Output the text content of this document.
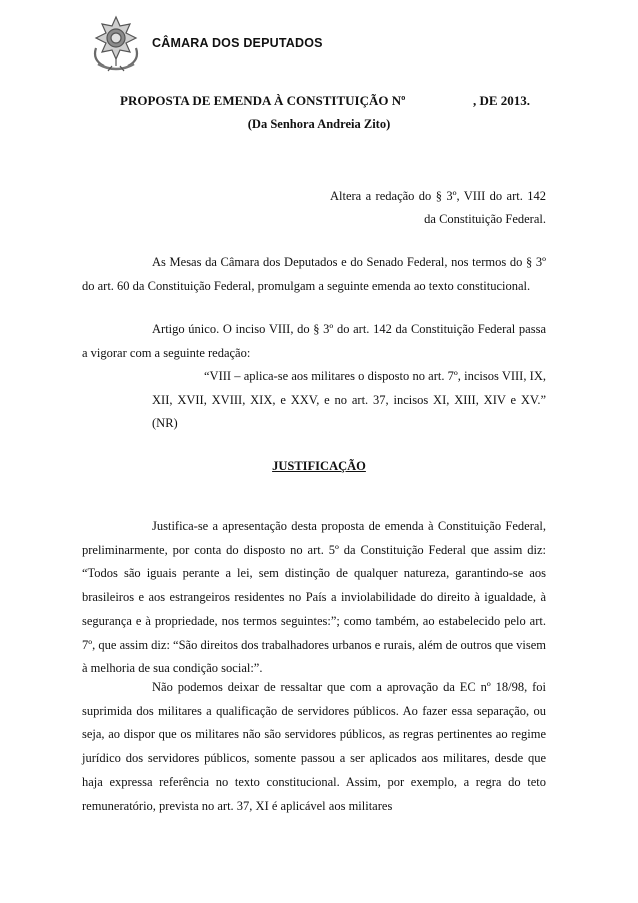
CÂMARA DOS DEPUTADOS
PROPOSTA DE EMENDA À CONSTITUIÇÃO Nº	, DE 2013.
(Da Senhora Andreia Zito)
Altera a redação do § 3º, VIII do art. 142 da Constituição Federal.
As Mesas da Câmara dos Deputados e do Senado Federal, nos termos do § 3º do art. 60 da Constituição Federal, promulgam a seguinte emenda ao texto constitucional.
Artigo único. O inciso VIII, do § 3º do art. 142 da Constituição Federal passa a vigorar com a seguinte redação:
“VIII – aplica-se aos militares o disposto no art. 7º, incisos VIII, IX, XII, XVII, XVIII, XIX, e XXV, e no art. 37, incisos XI, XIII, XIV e XV.” (NR)
JUSTIFICAÇÃO
Justifica-se a apresentação desta proposta de emenda à Constituição Federal, preliminarmente, por conta do disposto no art. 5º da Constituição Federal que assim diz: “Todos são iguais perante a lei, sem distinção de qualquer natureza, garantindo-se aos brasileiros e aos estrangeiros residentes no País a inviolabilidade do direito à igualdade, à segurança e à propriedade, nos termos seguintes:”; como também, ao estabelecido pelo art. 7º, que assim diz: “São direitos dos trabalhadores urbanos e rurais, além de outros que visem à melhoria de sua condição social:”.
Não podemos deixar de ressaltar que com a aprovação da EC nº 18/98, foi suprimida dos militares a qualificação de servidores públicos. Ao fazer essa separação, ou seja, ao dispor que os militares não são servidores públicos, as regras pertinentes ao regime jurídico dos servidores públicos, somente passou a ser aplicados aos militares, desde que haja expressa referência no texto constitucional. Assim, por exemplo, a regra do teto remuneratório, prevista no art. 37, XI é aplicável aos militares
